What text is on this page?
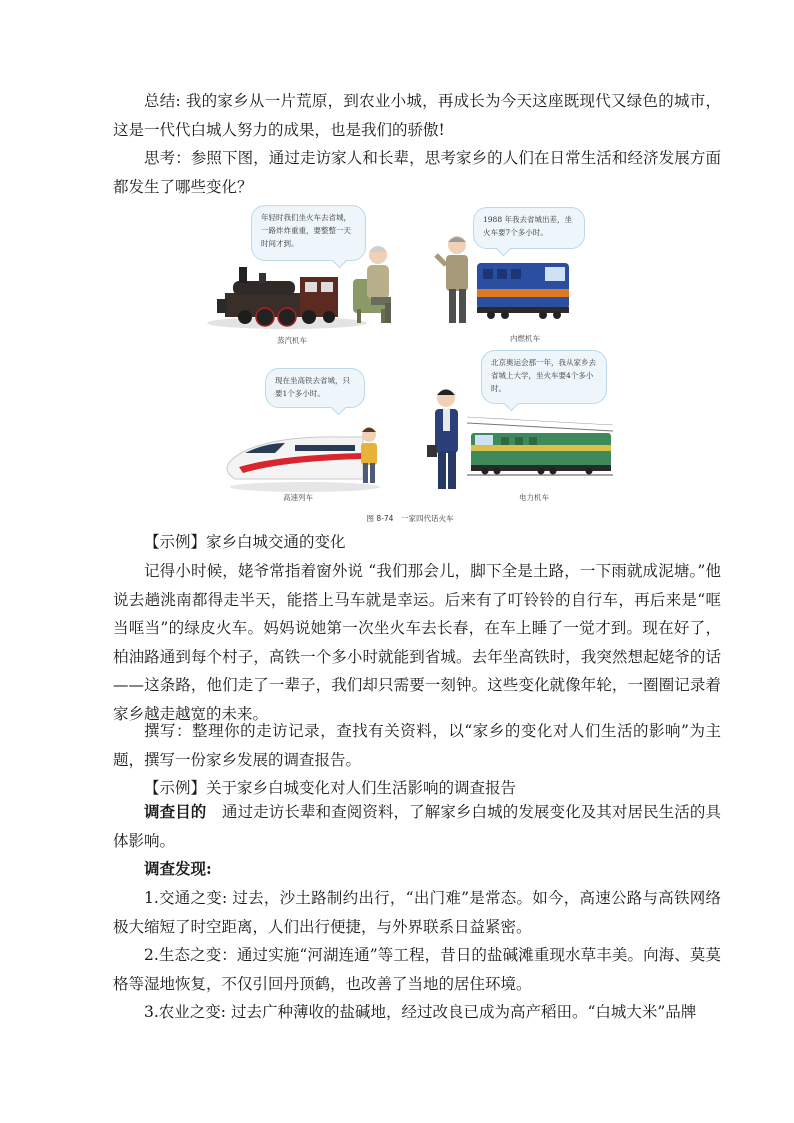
总结: 我的家乡从一片荒原，到农业小城，再成长为今天这座既现代又绿色的城市，这是一代代白城人努力的成果，也是我们的骄傲!

思考：参照下图，通过走访家人和长辈，思考家乡的人们在日常生活和经济发展方面都发生了哪些变化？

年轻时我们坐火车去省城，一路炸炸重重，要整整一天时间才到。
蒸汽机车
1988 年我去省城出差，坐火车要7个多小时。
内燃机车
现在坐高铁去省城，只要1个多小时。
高速列车
北京奥运会那一年，我从家乡去省城上大学，坐火车要4个多小时。
电力机车
图 8-74　一家四代话火车

【示例】家乡白城交通的变化

记得小时候，姥爷常指着窗外说 “我们那会儿，脚下全是土路，一下雨就成泥塘。”他说去趟洮南都得走半天，能搭上马车就是幸运。后来有了叮铃铃的自行车，再后来是“哐当哐当”的绿皮火车。妈妈说她第一次坐火车去长春，在车上睡了一觉才到。现在好了，柏油路通到每个村子，高铁一个多小时就能到省城。去年坐高铁时，我突然想起姥爷的话——这条路，他们走了一辈子，我们却只需要一刻钟。这些变化就像年轮，一圈圈记录着家乡越走越宽的未来。

撰写：整理你的走访记录，查找有关资料，以“家乡的变化对人们生活的影响”为主题，撰写一份家乡发展的调查报告。

【示例】关于家乡白城变化对人们生活影响的调查报告

调查目的　通过走访长辈和查阅资料，了解家乡白城的发展变化及其对居民生活的具体影响。

调查发现:

1.交通之变: 过去，沙土路制约出行，“出门难”是常态。如今，高速公路与高铁网络极大缩短了时空距离，人们出行便捷，与外界联系日益紧密。

2.生态之变：通过实施“河湖连通”等工程，昔日的盐碱滩重现水草丰美。向海、莫莫格等湿地恢复，不仅引回丹顶鹤，也改善了当地的居住环境。

3.农业之变: 过去广种薄收的盐碱地，经过改良已成为高产稻田。“白城大米”品牌
